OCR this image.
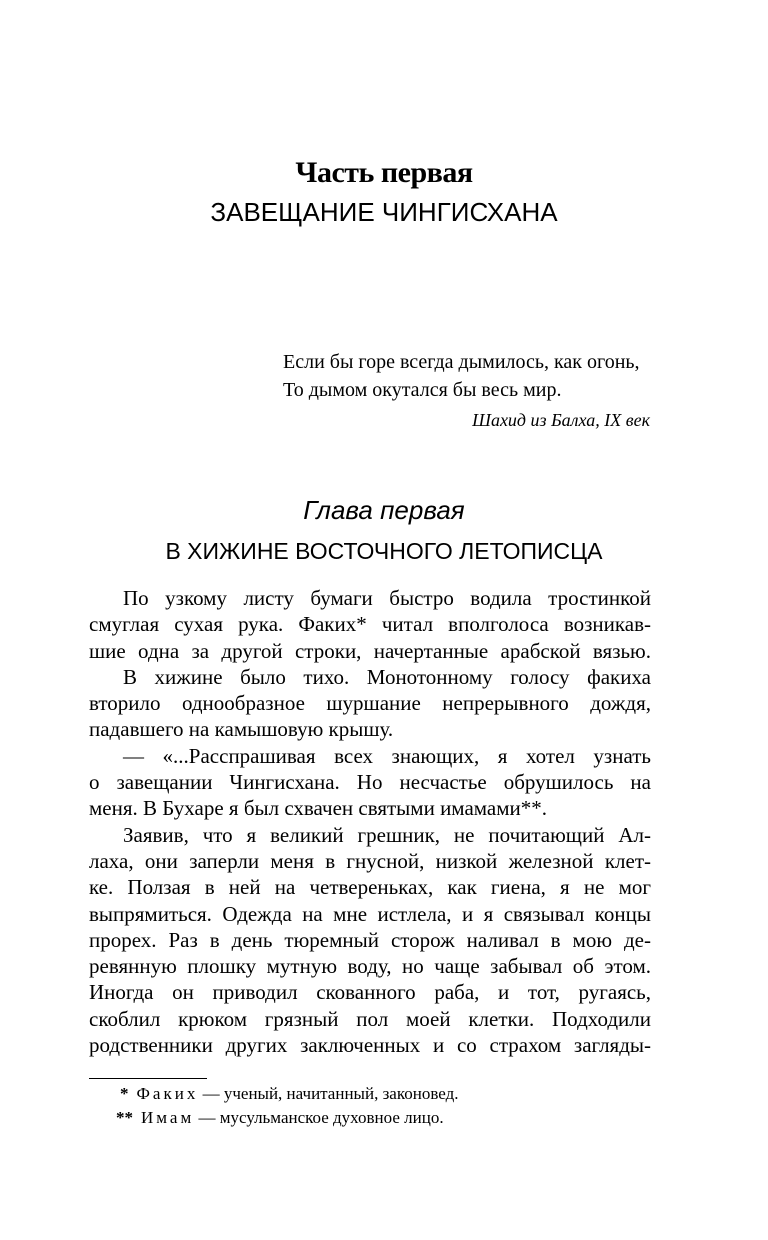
Часть первая
ЗАВЕЩАНИЕ ЧИНГИСХАНА
Если бы горе всегда дымилось, как огонь,
То дымом окутался бы весь мир.
Шахид из Балха, IX век
Глава первая
В ХИЖИНЕ ВОСТОЧНОГО ЛЕТОПИСЦА
По узкому листу бумаги быстро водила тростинкой
смуглая сухая рука. Факих* читал вполголоса возникав-
шие одна за другой строки, начертанные арабской вязью.
В хижине было тихо. Монотонному голосу факиха
вторило однообразное шуршание непрерывного дождя,
падавшего на камышовую крышу.
— «...Расспрашивая всех знающих, я хотел узнать
о завещании Чингисхана. Но несчастье обрушилось на
меня. В Бухаре я был схвачен святыми имамами**.
Заявив, что я великий грешник, не почитающий Ал-
лаха, они заперли меня в гнусной, низкой железной клет-
ке. Ползая в ней на четвереньках, как гиена, я не мог
выпрямиться. Одежда на мне истлела, и я связывал концы
прорех. Раз в день тюремный сторож наливал в мою де-
ревянную плошку мутную воду, но чаще забывал об этом.
Иногда он приводил скованного раба, и тот, ругаясь,
скоблил крюком грязный пол моей клетки. Подходили
родственники других заключенных и со страхом загляды-
* Факих — ученый, начитанный, законовед.
** Имам — мусульманское духовное лицо.
